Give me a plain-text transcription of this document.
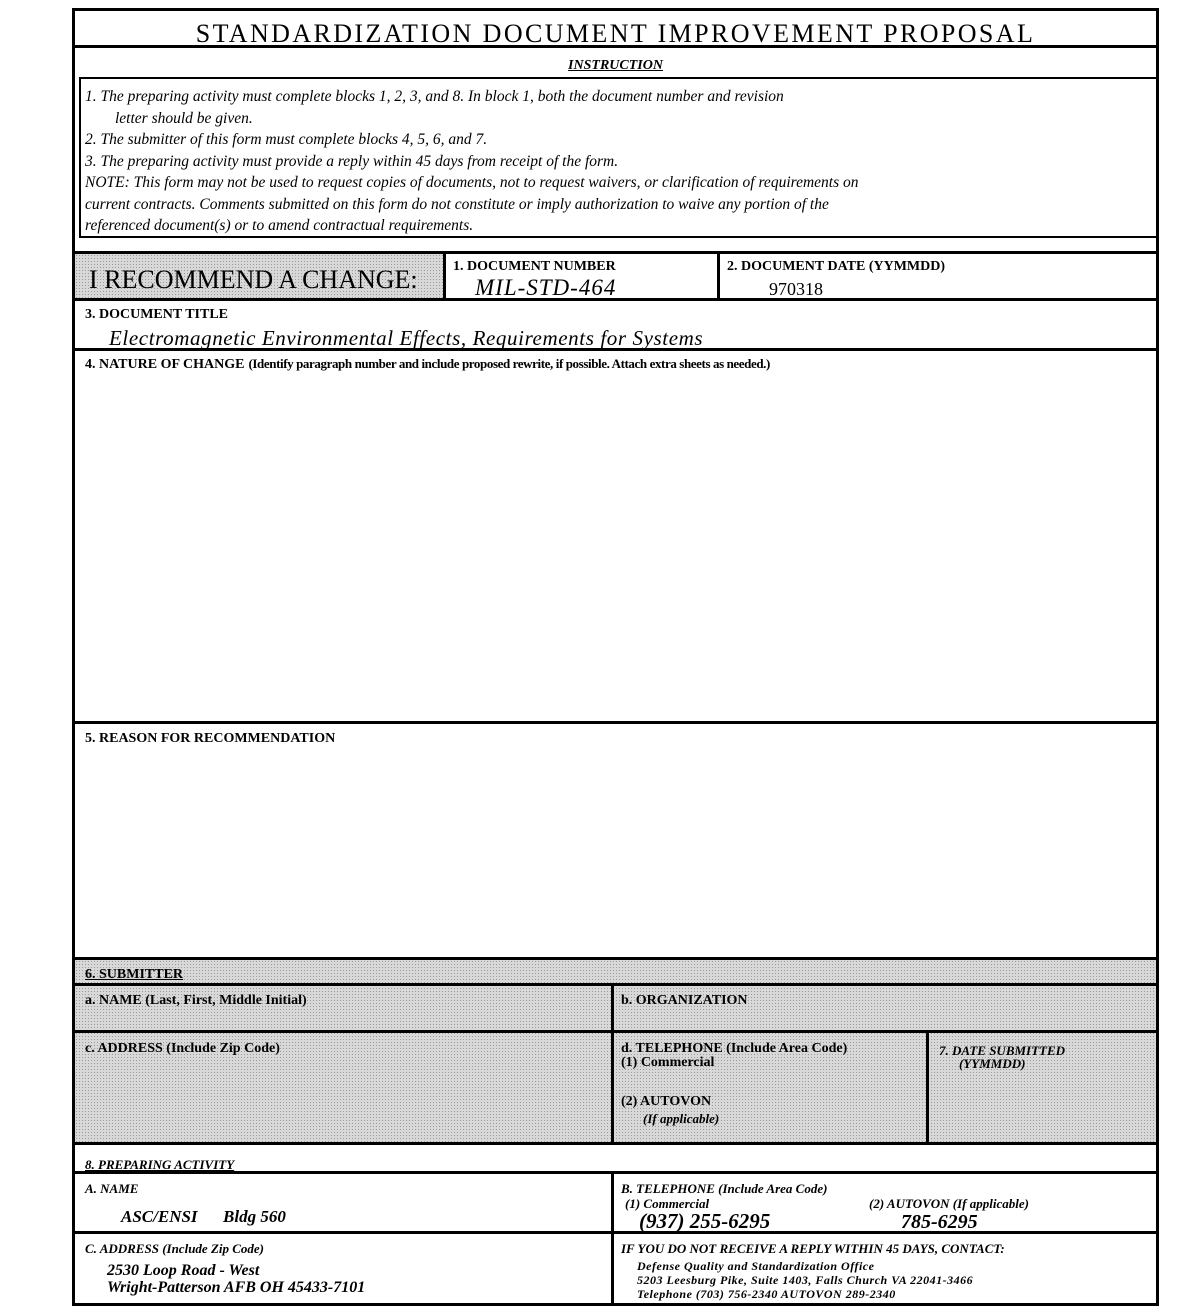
STANDARDIZATION DOCUMENT IMPROVEMENT PROPOSAL
INSTRUCTION
1. The preparing activity must complete blocks 1, 2, 3, and 8. In block 1, both the document number and revision
letter should be given.
2. The submitter of this form must complete blocks 4, 5, 6, and 7.
3. The preparing activity must provide a reply within 45 days from receipt of the form.
NOTE: This form may not be used to request copies of documents, not to request waivers, or clarification of requirements on
current contracts. Comments submitted on this form do not constitute or imply authorization to waive any portion of the
referenced document(s) or to amend contractual requirements.
I RECOMMEND A CHANGE:	1. DOCUMENT NUMBER
MIL-STD-464
2. DOCUMENT DATE (YYMMDD)
970318
3. DOCUMENT TITLE
Electromagnetic Environmental Effects, Requirements for Systems
4. NATURE OF CHANGE (Identify paragraph number and include proposed rewrite, if possible. Attach extra sheets as needed.)
5. REASON FOR RECOMMENDATION
6. SUBMITTER
a. NAME (Last, First, Middle Initial)	b. ORGANIZATION
c. ADDRESS (Include Zip Code)	d. TELEPHONE (Include Area Code)
(1) Commercial
(2) AUTOVON
(If applicable)
7. DATE SUBMITTED
(YYMMDD)
8. PREPARING ACTIVITY
A. NAME
ASC/ENSI      Bldg 560
B. TELEPHONE (Include Area Code)
(1) Commercial	(2) AUTOVON (If applicable)
(937) 255-6295	785-6295
C. ADDRESS (Include Zip Code)
2530 Loop Road - West
Wright-Patterson AFB OH 45433-7101
IF YOU DO NOT RECEIVE A REPLY WITHIN 45 DAYS, CONTACT:
Defense Quality and Standardization Office
5203 Leesburg Pike, Suite 1403, Falls Church VA 22041-3466
Telephone (703) 756-2340 AUTOVON 289-2340
